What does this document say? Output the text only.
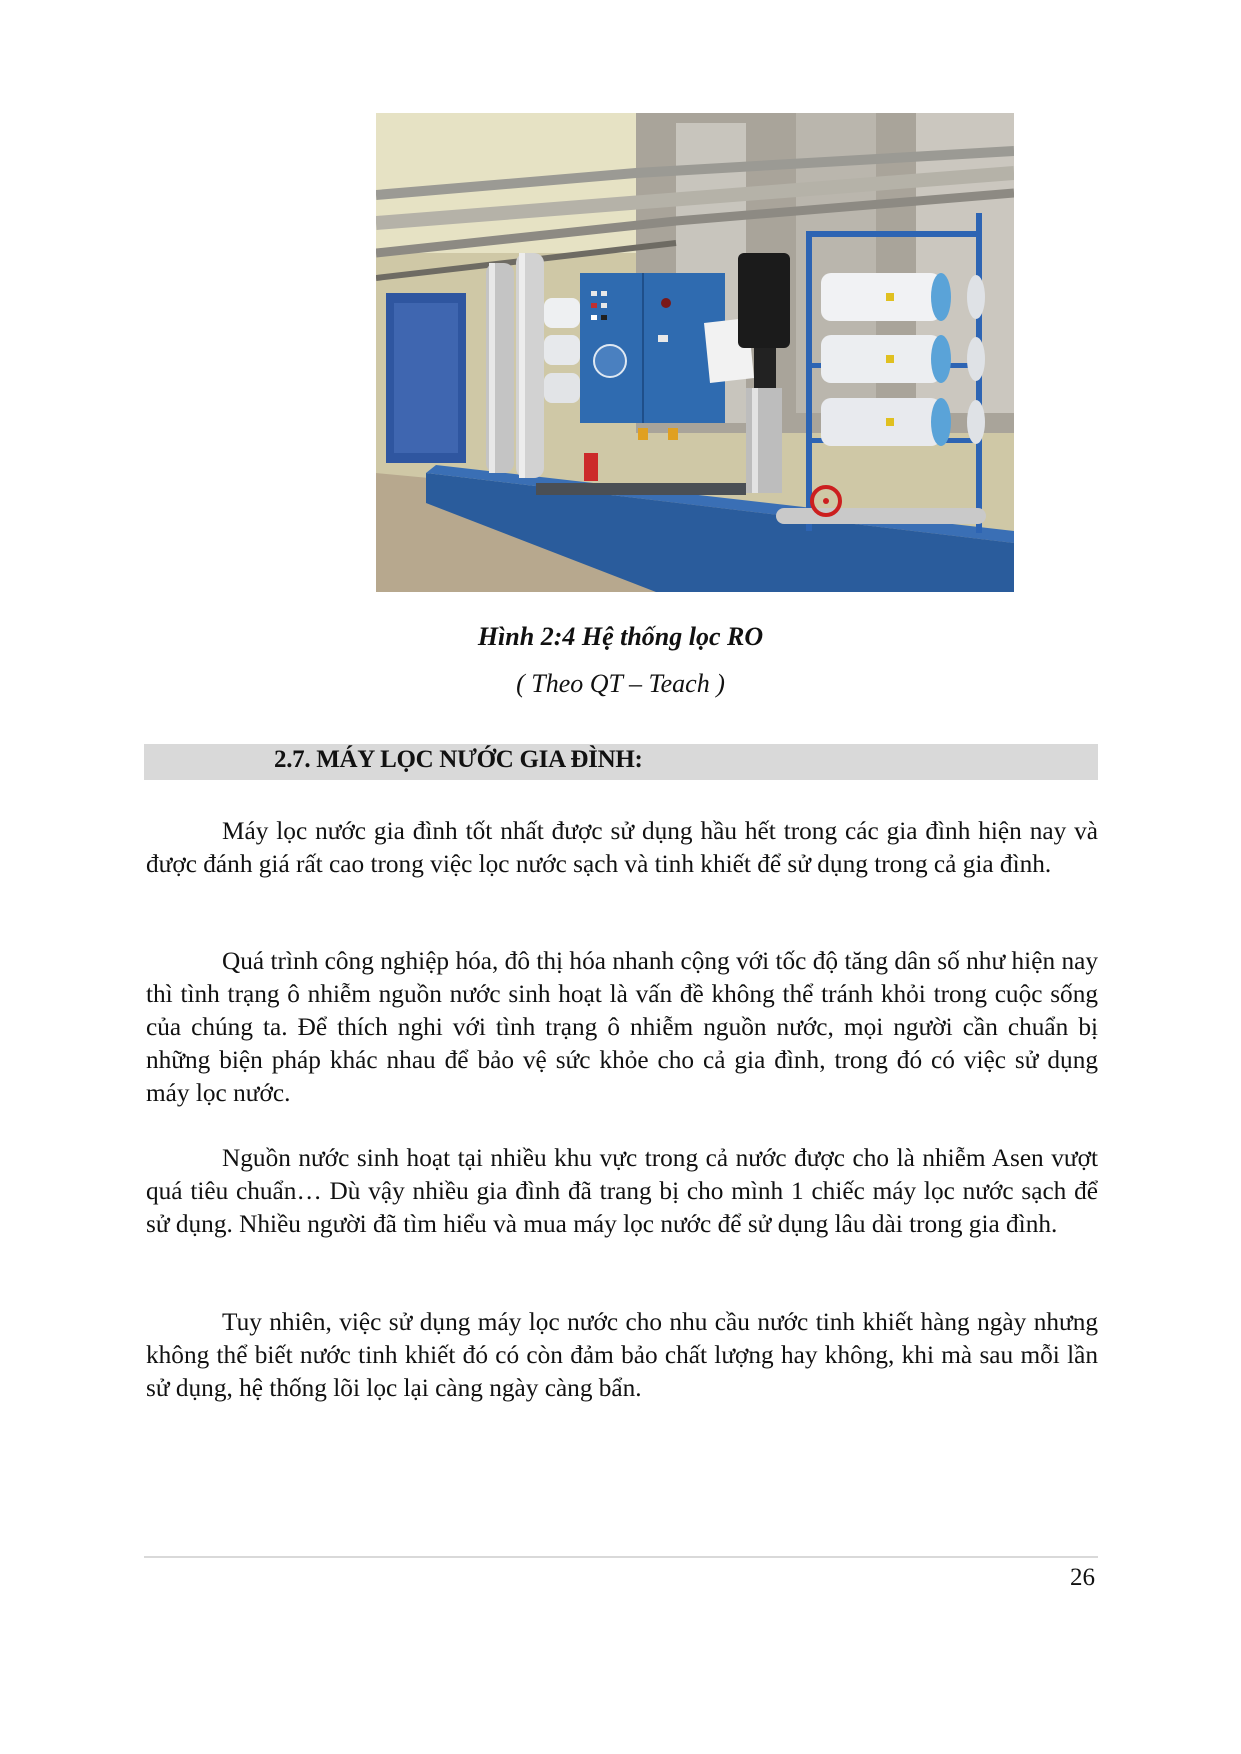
Hình 2:4 Hệ thống lọc RO
( Theo QT – Teach )
2.7. MÁY LỌC NƯỚC GIA ĐÌNH:

Máy lọc nước gia đình tốt nhất được sử dụng hầu hết trong các gia đình hiện nay và được đánh giá rất cao trong việc lọc nước sạch và tinh khiết để sử dụng trong cả gia đình.

Quá trình công nghiệp hóa, đô thị hóa nhanh cộng với tốc độ tăng dân số như hiện nay thì tình trạng ô nhiễm nguồn nước sinh hoạt là vấn đề không thể tránh khỏi trong cuộc sống của chúng ta. Để thích nghi với tình trạng ô nhiễm nguồn nước, mọi người cần chuẩn bị những biện pháp khác nhau để bảo vệ sức khỏe cho cả gia đình, trong đó có việc sử dụng máy lọc nước.

Nguồn nước sinh hoạt tại nhiều khu vực trong cả nước được cho là nhiễm Asen vượt quá tiêu chuẩn… Dù vậy nhiều gia đình đã trang bị cho mình 1 chiếc máy lọc nước sạch để sử dụng. Nhiều người đã tìm hiểu và mua máy lọc nước để sử dụng lâu dài trong gia đình.

Tuy nhiên, việc sử dụng máy lọc nước cho nhu cầu nước tinh khiết hàng ngày nhưng không thể biết nước tinh khiết đó có còn đảm bảo chất lượng hay không, khi mà sau mỗi lần sử dụng, hệ thống lõi lọc lại càng ngày càng bẩn.

26
